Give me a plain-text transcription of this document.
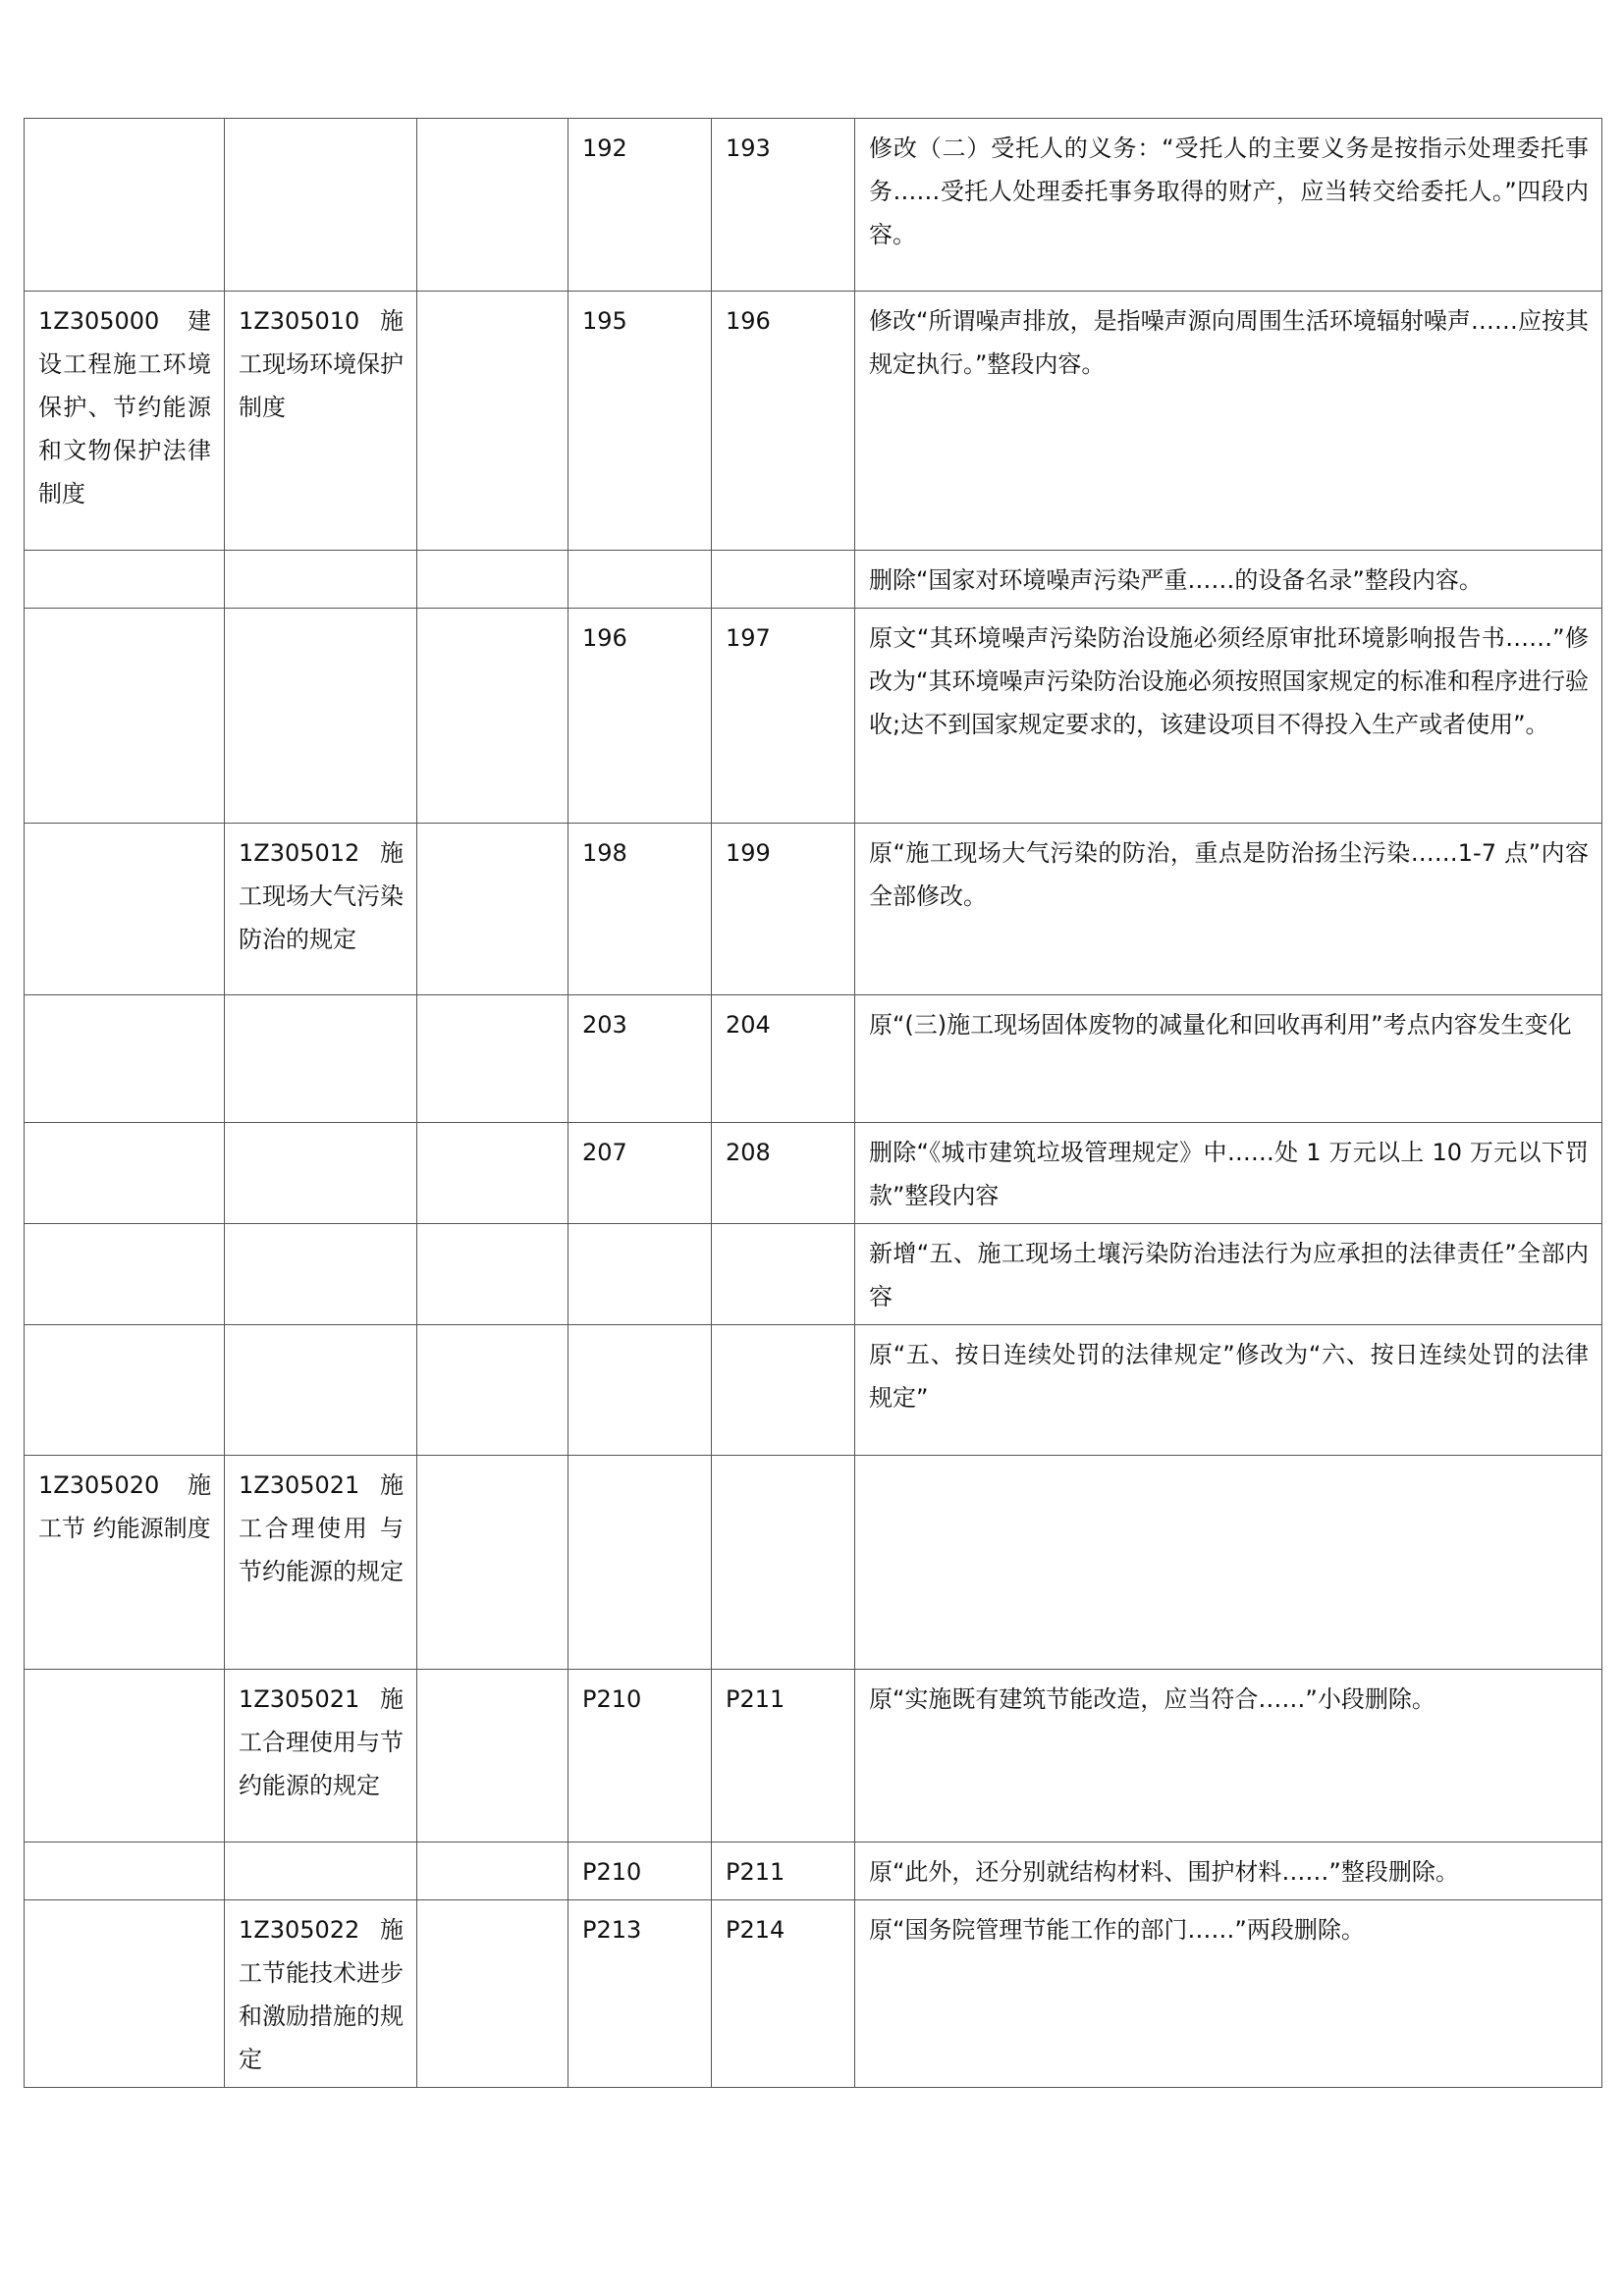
			192	193	修改（二）受托人的义务：“受托人的主要义务是按指示处理委托事务……受托人处理委托事务取得的财产，应当转交给委托人。”四段内容。
1Z305000 建设工程施工环境保护、节约能源和文物保护法律制度	1Z305010 施工现场环境保护制度		195	196	修改“所谓噪声排放，是指噪声源向周围生活环境辐射噪声……应按其规定执行。”整段内容。
					删除“国家对环境噪声污染严重……的设备名录”整段内容。
			196	197	原文“其环境噪声污染防治设施必须经原审批环境影响报告书……”修改为“其环境噪声污染防治设施必须按照国家规定的标准和程序进行验收;达不到国家规定要求的，该建设项目不得投入生产或者使用”。
	1Z305012 施工现场大气污染防治的规定		198	199	原“施工现场大气污染的防治，重点是防治扬尘污染……1-7 点”内容全部修改。
			203	204	原“(三)施工现场固体废物的减量化和回收再利用”考点内容发生变化
			207	208	删除“《城市建筑垃圾管理规定》中……处 1 万元以上 10 万元以下罚款”整段内容
					新增“五、施工现场土壤污染防治违法行为应承担的法律责任”全部内容
					原“五、按日连续处罚的法律规定”修改为“六、按日连续处罚的法律规定”
1Z305020 施工节 约能源制度	1Z305021 施工合理使用 与节约能源的规定				
	1Z305021 施工合理使用与节约能源的规定		P210	P211	原“实施既有建筑节能改造，应当符合……”小段删除。
			P210	P211	原“此外，还分别就结构材料、围护材料……”整段删除。
	1Z305022 施工节能技术进步和激励措施的规定		P213	P214	原“国务院管理节能工作的部门……”两段删除。
